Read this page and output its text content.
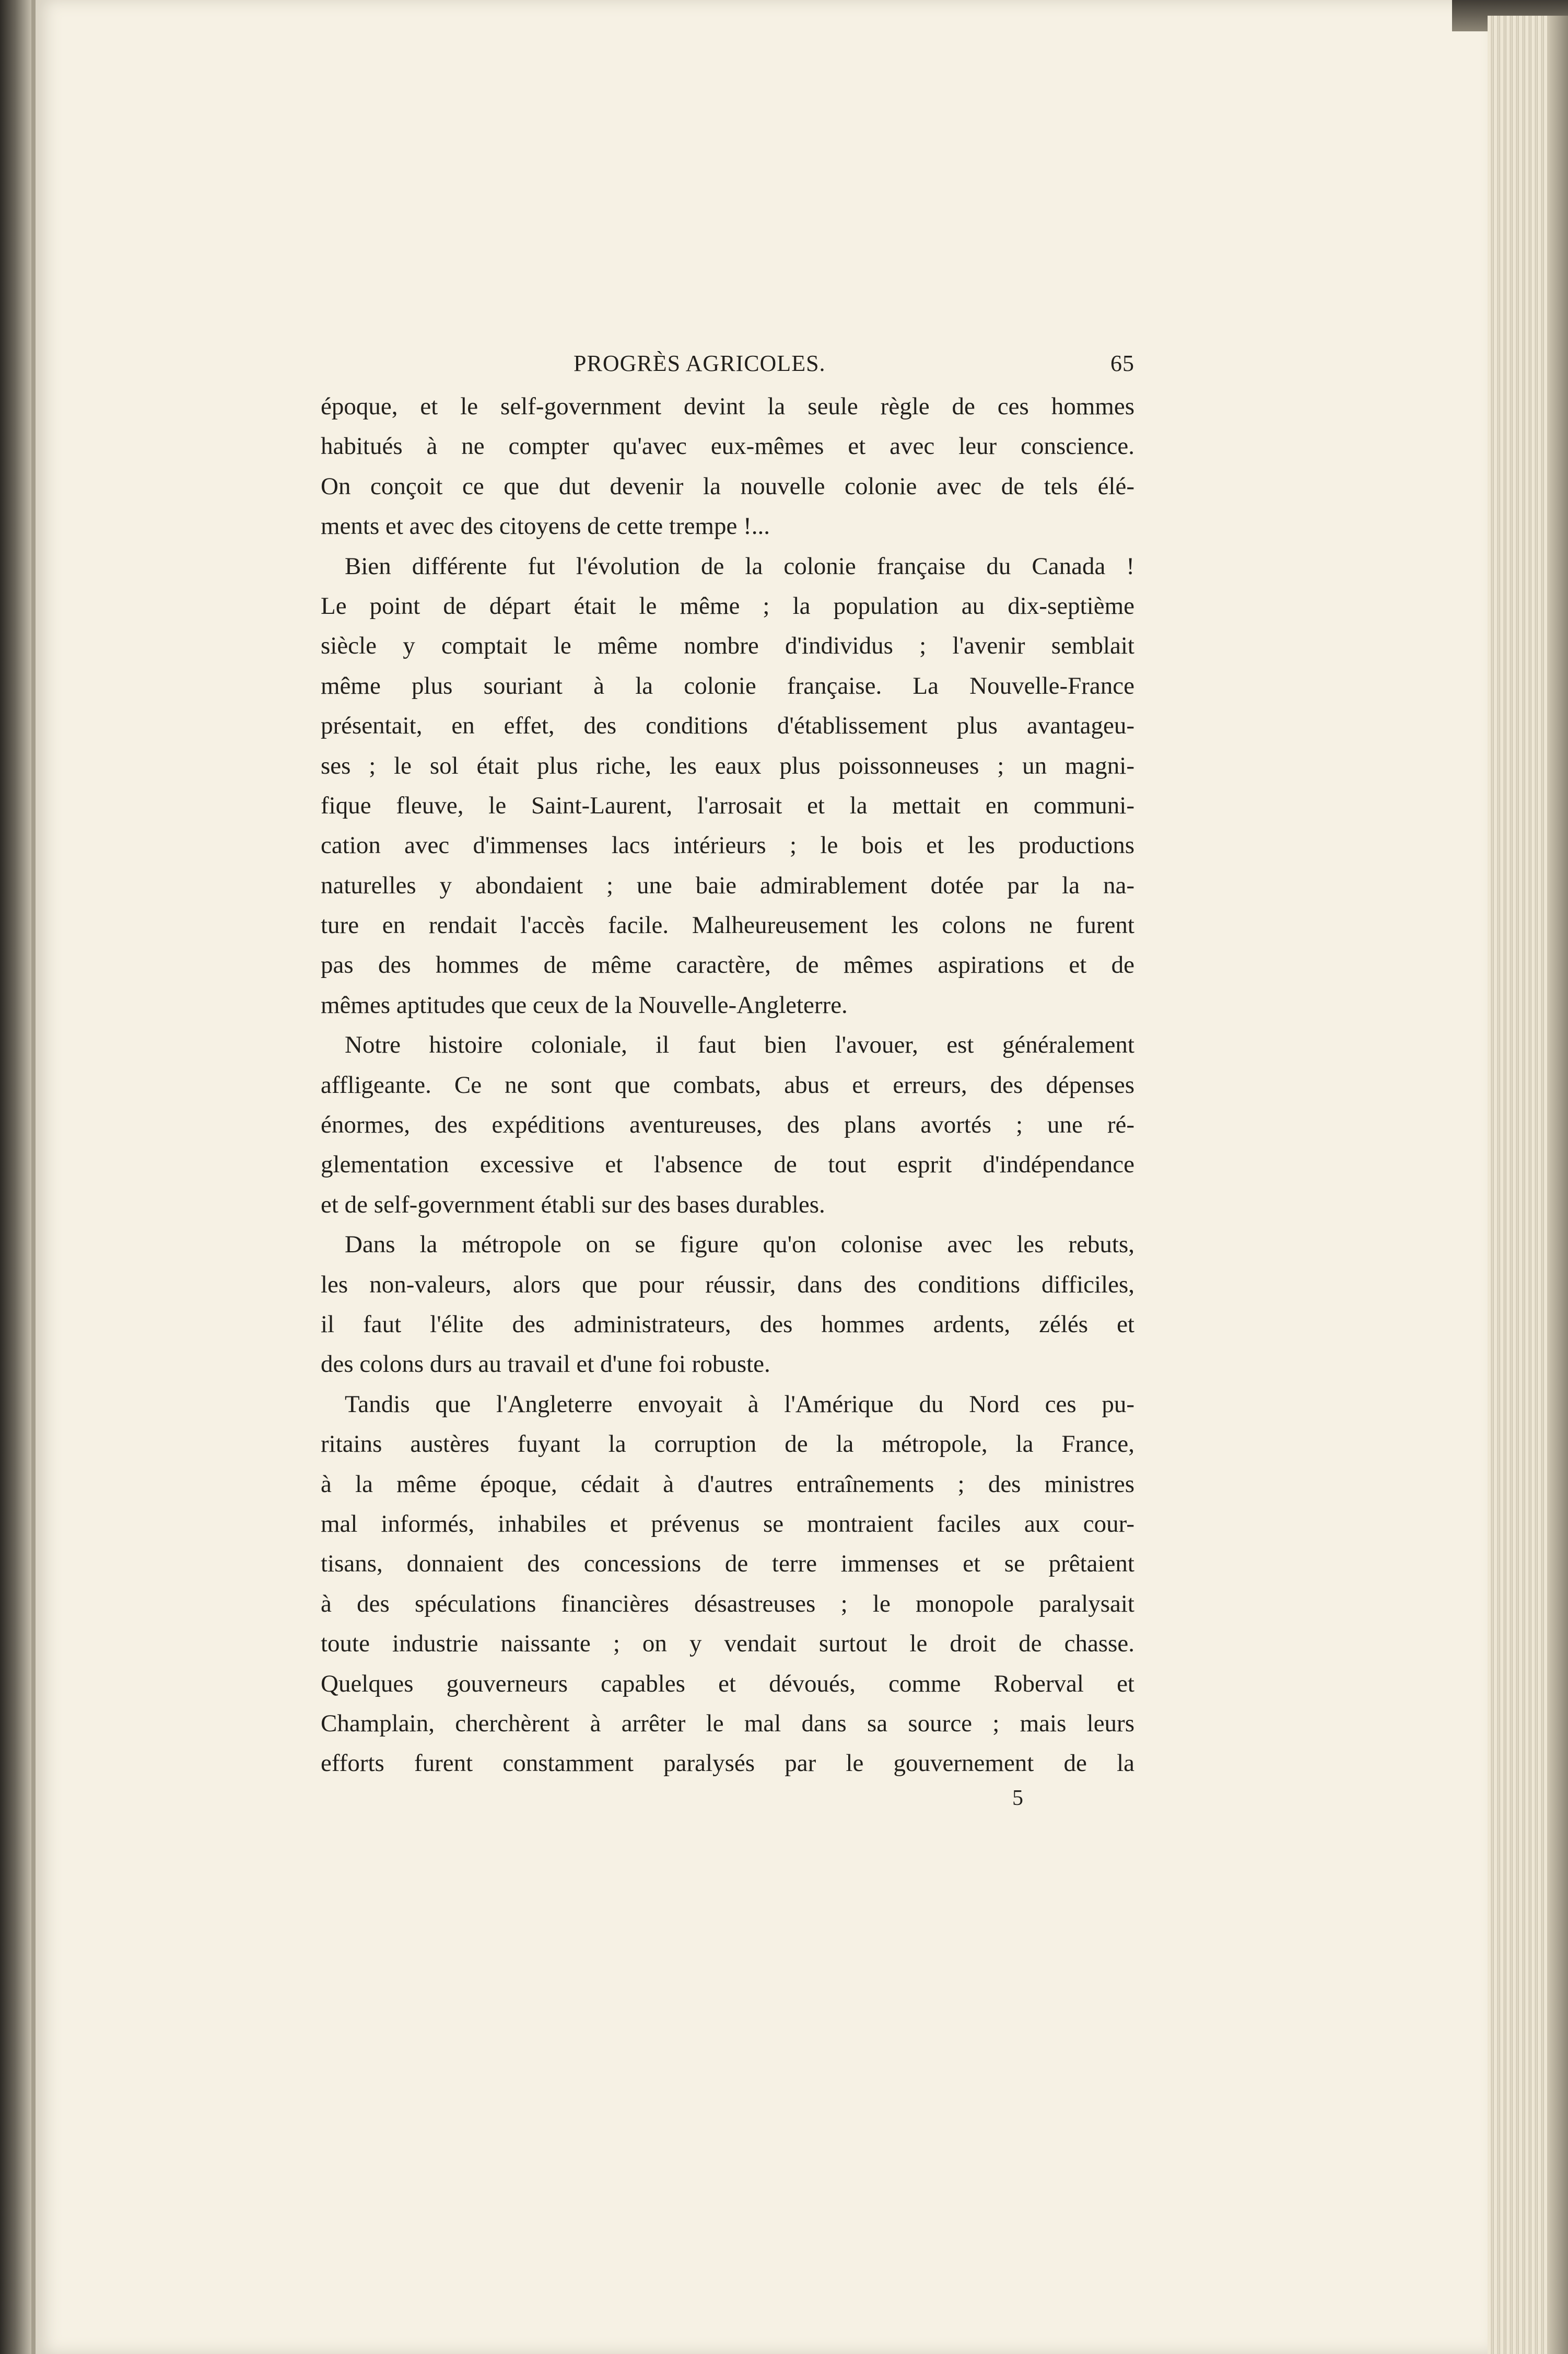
PROGRÈS AGRICOLES.	65
époque, et le self-government devint la seule règle de ces hommes
habitués à ne compter qu'avec eux-mêmes et avec leur conscience.
On conçoit ce que dut devenir la nouvelle colonie avec de tels élé-
ments et avec des citoyens de cette trempe !...
Bien différente fut l'évolution de la colonie française du Canada !
Le point de départ était le même ; la population au dix-septième
siècle y comptait le même nombre d'individus ; l'avenir semblait
même plus souriant à la colonie française. La Nouvelle-France
présentait, en effet, des conditions d'établissement plus avantageu-
ses ; le sol était plus riche, les eaux plus poissonneuses ; un magni-
fique fleuve, le Saint-Laurent, l'arrosait et la mettait en communi-
cation avec d'immenses lacs intérieurs ; le bois et les productions
naturelles y abondaient ; une baie admirablement dotée par la na-
ture en rendait l'accès facile. Malheureusement les colons ne furent
pas des hommes de même caractère, de mêmes aspirations et de
mêmes aptitudes que ceux de la Nouvelle-Angleterre.
Notre histoire coloniale, il faut bien l'avouer, est généralement
affligeante. Ce ne sont que combats, abus et erreurs, des dépenses
énormes, des expéditions aventureuses, des plans avortés ; une ré-
glementation excessive et l'absence de tout esprit d'indépendance
et de self-government établi sur des bases durables.
Dans la métropole on se figure qu'on colonise avec les rebuts,
les non-valeurs, alors que pour réussir, dans des conditions difficiles,
il faut l'élite des administrateurs, des hommes ardents, zélés et
des colons durs au travail et d'une foi robuste.
Tandis que l'Angleterre envoyait à l'Amérique du Nord ces pu-
ritains austères fuyant la corruption de la métropole, la France,
à la même époque, cédait à d'autres entraînements ; des ministres
mal informés, inhabiles et prévenus se montraient faciles aux cour-
tisans, donnaient des concessions de terre immenses et se prêtaient
à des spéculations financières désastreuses ; le monopole paralysait
toute industrie naissante ; on y vendait surtout le droit de chasse.
Quelques gouverneurs capables et dévoués, comme Roberval et
Champlain, cherchèrent à arrêter le mal dans sa source ; mais leurs
efforts furent constamment paralysés par le gouvernement de la
5
